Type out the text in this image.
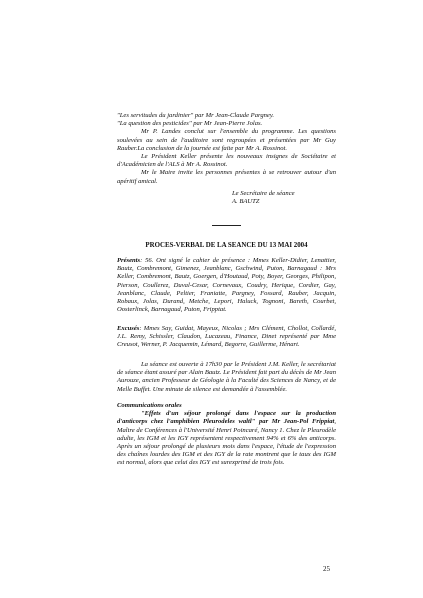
"Les servitudes du jardinier" par Mr Jean-Claude Pargney.

"La question des pesticides" par Mr Jean-Pierre Jolas.

Mr P. Landes conclut sur l'ensemble du programme. Les questions soulevées au sein de l'auditoire sont regroupées et présentées par Mr Guy Rauber.La conclusion de la journée est faite par Mr A. Rossinot.

Le Président Keller présente les nouveaux insignes de Sociétaire et d'Académicien de l'ALS à Mr A. Rossinot.

Mr le Maire invite les personnes présentes à se retrouver autour d'un apéritif amical.

Le Secrétaire de séance
A. BAUTZ
PROCES-VERBAL DE LA SEANCE DU 13 MAI 2004

Présents: 56. Ont signé le cahier de présence : Mmes Keller-Didier, Lenattier, Bautz, Combremont, Gimenez, Jeanblanc, Gschwind, Puton, Barnagaud : Mrs Keller, Combremont, Bautz, Goergen, d'Houtaud, Poty, Boyer, Georges, Philipon, Pierson, Coullerez, Duval-Cesar, Cornevaux, Coudry, Herique, Cordier, Gay, Jeanblanc, Claude, Peltier, Franiatte, Pargney, Fossard, Rauber, Jacquin, Robaux, Jolas, Durand, Metche, Lepori, Haluck, Tognoni, Bareth, Courbet, Oosterlinck, Barnagaud, Puton, Fripptat.

Excusés: Mmes Say, Guidat, Mayeux, Nicolas ; Mrs Clément, Chollot, Collardé, J.L. Remy, Schissler, Claudon, Lucazeau, Finance, Dinet représenté par Mme Creusot, Werner, P. Jacquemin, Lémard, Begorre, Guillerme, Hénart.

La séance est ouverte à 17h30 par le Président J.M. Keller, le secrétariat de séance étant assuré par Alain Bautz. Le Président fait part du décès de Mr Jean Aurouze, ancien Professeur de Géologie à la Faculté des Sciences de Nancy, et de Melle Buffet. Une minute de silence est demandée à l'assemblée.

Communications orales

"Effets d'un séjour prolongé dans l'espace sur la production d'anticorps chez l'amphibien Pleurodeles waltl" par Mr Jean-Pol Frippiat, Maître de Conférences à l'Université Henri Poincaré, Nancy 1. Chez le Pleurodèle adulte, les IGM et les IGY représentent respectivement 94% et 6% des anticorps. Après un séjour prolongé de plusieurs mois dans l'espace, l'étude de l'expression des chaînes lourdes des IGM et des IGY de la rate montrent que le taux des IGM est normal, alors que celui des IGY est surexprimé de trois fois.

25
